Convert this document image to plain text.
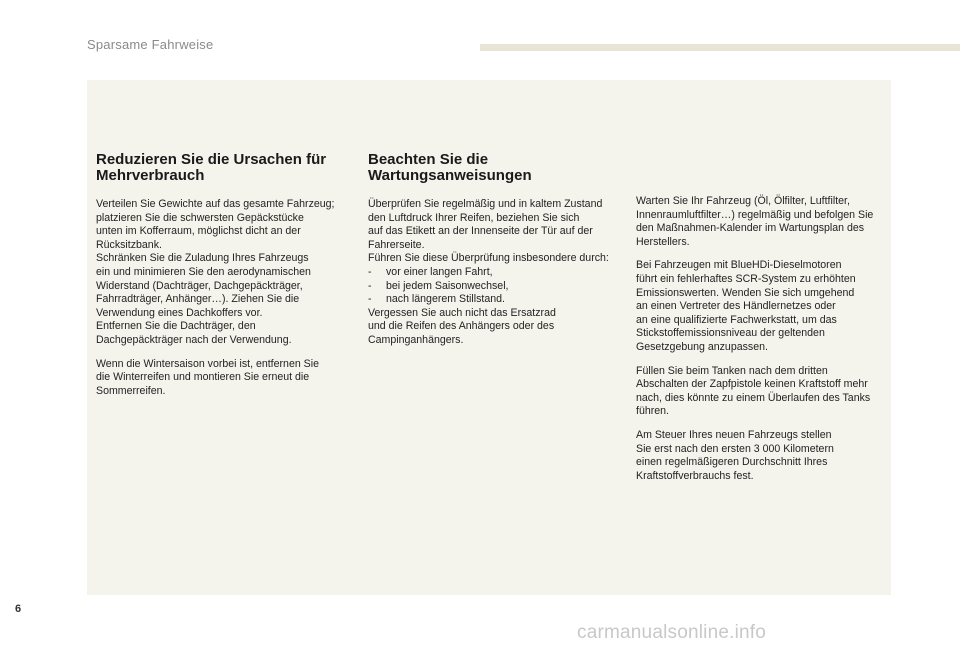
Sparsame Fahrweise
Reduzieren Sie die Ursachen für
Mehrverbrauch

Verteilen Sie Gewichte auf das gesamte Fahrzeug;
platzieren Sie die schwersten Gepäckstücke
unten im Kofferraum, möglichst dicht an der
Rücksitzbank.
Schränken Sie die Zuladung Ihres Fahrzeugs
ein und minimieren Sie den aerodynamischen
Widerstand (Dachträger, Dachgepäckträger,
Fahrradträger, Anhänger…). Ziehen Sie die
Verwendung eines Dachkoffers vor.
Entfernen Sie die Dachträger, den
Dachgepäckträger nach der Verwendung.

Wenn die Wintersaison vorbei ist, entfernen Sie
die Winterreifen und montieren Sie erneut die
Sommerreifen.

Beachten Sie die
Wartungsanweisungen

Überprüfen Sie regelmäßig und in kaltem Zustand
den Luftdruck Ihrer Reifen, beziehen Sie sich
auf das Etikett an der Innenseite der Tür auf der
Fahrerseite.
Führen Sie diese Überprüfung insbesondere durch:

- vor einer langen Fahrt,
- bei jedem Saisonwechsel,
- nach längerem Stillstand.

Vergessen Sie auch nicht das Ersatzrad
und die Reifen des Anhängers oder des
Campinganhängers.

Warten Sie Ihr Fahrzeug (Öl, Ölfilter, Luftfilter,
Innenraumluftfilter…) regelmäßig und befolgen Sie
den Maßnahmen-Kalender im Wartungsplan des
Herstellers.

Bei Fahrzeugen mit BlueHDi-Dieselmotoren
führt ein fehlerhaftes SCR-System zu erhöhten
Emissionswerten. Wenden Sie sich umgehend
an einen Vertreter des Händlernetzes oder
an eine qualifizierte Fachwerkstatt, um das
Stickstoffemissionsniveau der geltenden
Gesetzgebung anzupassen.

Füllen Sie beim Tanken nach dem dritten
Abschalten der Zapfpistole keinen Kraftstoff mehr
nach, dies könnte zu einem Überlaufen des Tanks
führen.

Am Steuer Ihres neuen Fahrzeugs stellen
Sie erst nach den ersten 3 000 Kilometern
einen regelmäßigeren Durchschnitt Ihres
Kraftstoffverbrauchs fest.

6
carmanualsonline.info
